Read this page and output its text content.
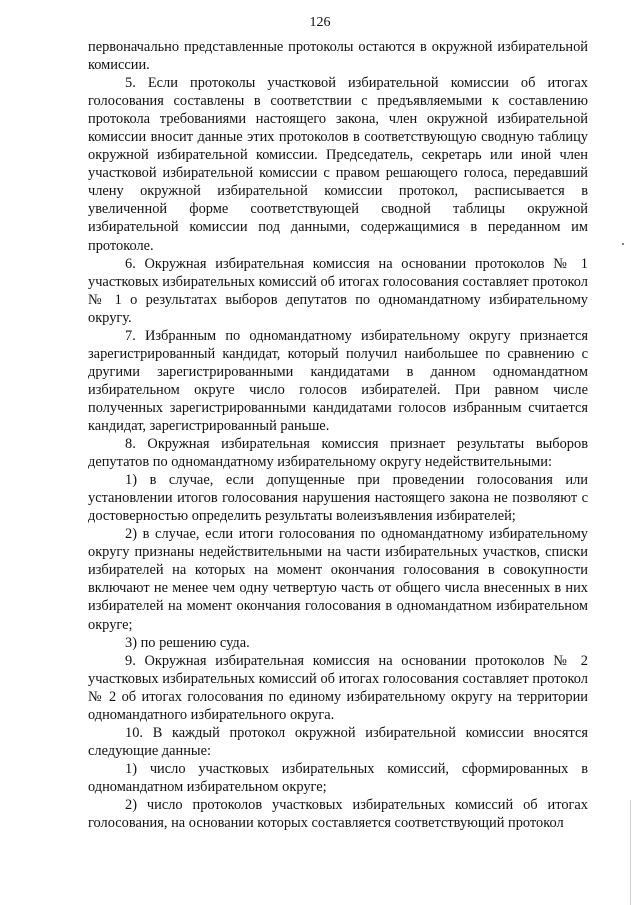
126

первоначально представленные протоколы остаются в окружной избирательной комиссии.

5. Если протоколы участковой избирательной комиссии об итогах голосования составлены в соответствии с предъявляемыми к составлению протокола требованиями настоящего закона, член окружной избирательной комиссии вносит данные этих протоколов в соответствующую сводную таблицу окружной избирательной комиссии. Председатель, секретарь или иной член участковой избирательной комиссии с правом решающего голоса, передавший члену окружной избирательной комиссии протокол, расписывается в увеличенной форме соответствующей сводной таблицы окружной избирательной комиссии под данными, содержащимися в переданном им протоколе.

6. Окружная избирательная комиссия на основании протоколов № 1 участковых избирательных комиссий об итогах голосования составляет протокол № 1 о результатах выборов депутатов по одномандатному избирательному округу.

7. Избранным по одномандатному избирательному округу признается зарегистрированный кандидат, который получил наибольшее по сравнению с другими зарегистрированными кандидатами в данном одномандатном избирательном округе число голосов избирателей. При равном числе полученных зарегистрированными кандидатами голосов избранным считается кандидат, зарегистрированный раньше.

8. Окружная избирательная комиссия признает результаты выборов депутатов по одномандатному избирательному округу недействительными:

1) в случае, если допущенные при проведении голосования или установлении итогов голосования нарушения настоящего закона не позволяют с достоверностью определить результаты волеизъявления избирателей;

2) в случае, если итоги голосования по одномандатному избирательному округу признаны недействительными на части избирательных участков, списки избирателей на которых на момент окончания голосования в совокупности включают не менее чем одну четвертую часть от общего числа внесенных в них избирателей на момент окончания голосования в одномандатном избирательном округе;

3) по решению суда.

9. Окружная избирательная комиссия на основании протоколов № 2 участковых избирательных комиссий об итогах голосования составляет протокол № 2 об итогах голосования по единому избирательному округу на территории одномандатного избирательного округа.

10. В каждый протокол окружной избирательной комиссии вносятся следующие данные:

1) число участковых избирательных комиссий, сформированных в одномандатном избирательном округе;

2) число протоколов участковых избирательных комиссий об итогах голосования, на основании которых составляется соответствующий протокол
